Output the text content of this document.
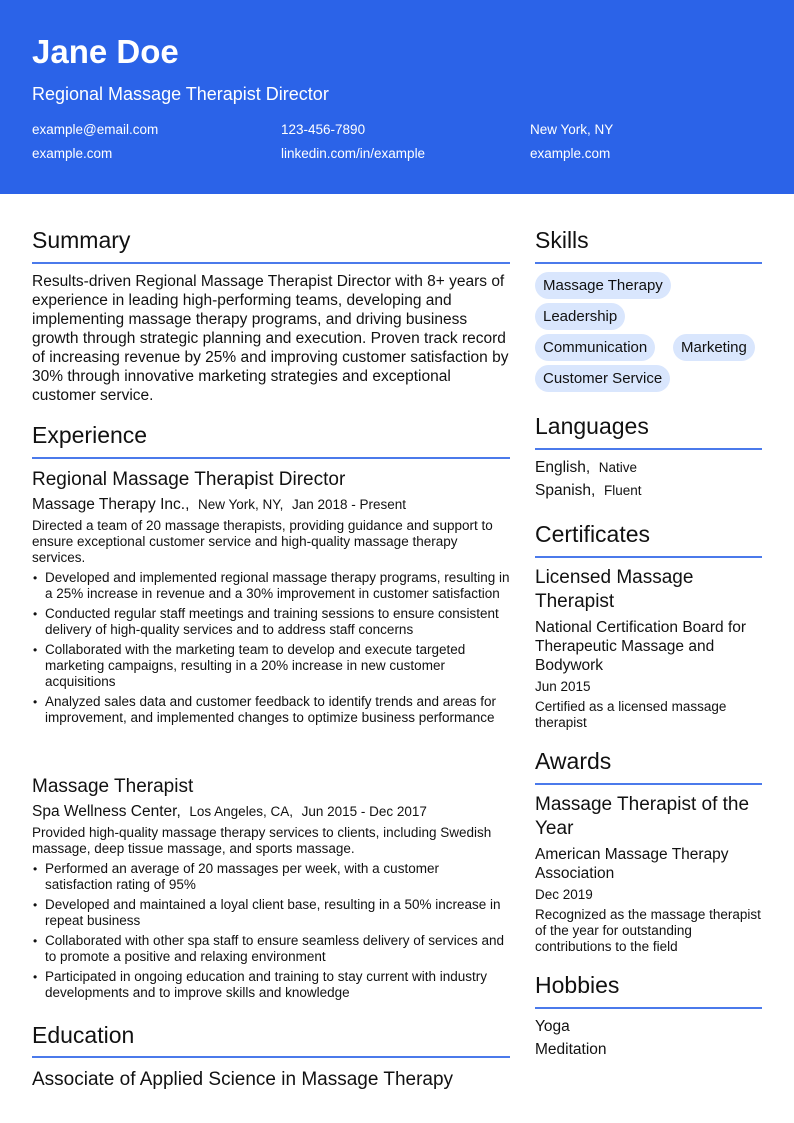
Jane Doe
Regional Massage Therapist Director
example@email.com	123-456-7890	New York, NY
example.com	linkedin.com/in/example	example.com
Summary
Results-driven Regional Massage Therapist Director with 8+ years of experience in leading high-performing teams, developing and implementing massage therapy programs, and driving business growth through strategic planning and execution. Proven track record of increasing revenue by 25% and improving customer satisfaction by 30% through innovative marketing strategies and exceptional customer service.
Experience
Regional Massage Therapist Director
Massage Therapy Inc., New York, NY, Jan 2018 - Present
Directed a team of 20 massage therapists, providing guidance and support to ensure exceptional customer service and high-quality massage therapy services.
• Developed and implemented regional massage therapy programs, resulting in a 25% increase in revenue and a 30% improvement in customer satisfaction
• Conducted regular staff meetings and training sessions to ensure consistent delivery of high-quality services and to address staff concerns
• Collaborated with the marketing team to develop and execute targeted marketing campaigns, resulting in a 20% increase in new customer acquisitions
• Analyzed sales data and customer feedback to identify trends and areas for improvement, and implemented changes to optimize business performance
Massage Therapist
Spa Wellness Center, Los Angeles, CA, Jun 2015 - Dec 2017
Provided high-quality massage therapy services to clients, including Swedish massage, deep tissue massage, and sports massage.
• Performed an average of 20 massages per week, with a customer satisfaction rating of 95%
• Developed and maintained a loyal client base, resulting in a 50% increase in repeat business
• Collaborated with other spa staff to ensure seamless delivery of services and to promote a positive and relaxing environment
• Participated in ongoing education and training to stay current with industry developments and to improve skills and knowledge
Education
Associate of Applied Science in Massage Therapy
Skills
Massage Therapy
Leadership
Communication	Marketing
Customer Service
Languages
English, Native
Spanish, Fluent
Certificates
Licensed Massage Therapist
National Certification Board for Therapeutic Massage and Bodywork
Jun 2015
Certified as a licensed massage therapist
Awards
Massage Therapist of the Year
American Massage Therapy Association
Dec 2019
Recognized as the massage therapist of the year for outstanding contributions to the field
Hobbies
Yoga
Meditation
